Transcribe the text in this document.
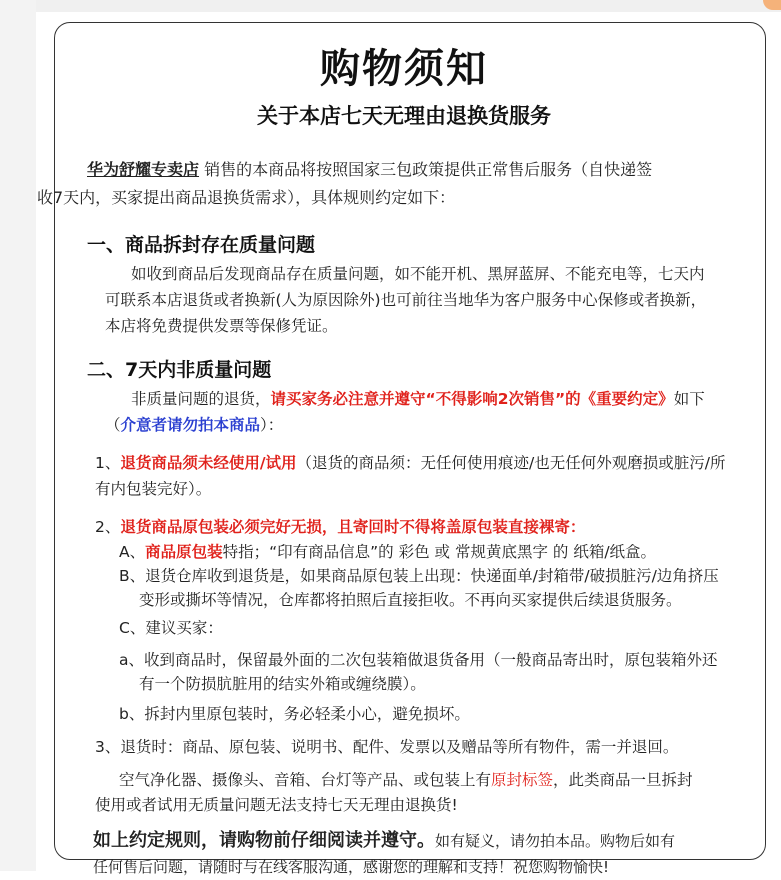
购物须知
关于本店七天无理由退换货服务

华为舒耀专卖店 销售的本商品将按照国家三包政策提供正常售后服务（自快递签

收7天内，买家提出商品退换货需求），具体规则约定如下：

一、商品拆封存在质量问题

如收到商品后发现商品存在质量问题，如不能开机、黑屏蓝屏、不能充电等，七天内

可联系本店退货或者换新(人为原因除外)也可前往当地华为客户服务中心保修或者换新，

本店将免费提供发票等保修凭证。

二、7天内非质量问题

非质量问题的退货，请买家务必注意并遵守“不得影响2次销售”的《重要约定》如下

（介意者请勿拍本商品）：

1、退货商品须未经使用/试用（退货的商品须：无任何使用痕迹/也无任何外观磨损或脏污/所

有内包装完好）。

2、退货商品原包装必须完好无损，且寄回时不得将盖原包装直接裸寄：

A、商品原包装特指；“印有商品信息”的 彩色 或 常规黄底黑字 的 纸箱/纸盒。

B、退货仓库收到退货是，如果商品原包装上出现：快递面单/封箱带/破损脏污/边角挤压

变形或撕坏等情况，仓库都将拍照后直接拒收。不再向买家提供后续退货服务。

C、建议买家：

a、收到商品时，保留最外面的二次包装箱做退货备用（一般商品寄出时，原包装箱外还

有一个防损肮脏用的结实外箱或缠绕膜）。

b、拆封内里原包装时，务必轻柔小心，避免损坏。

3、退货时：商品、原包装、说明书、配件、发票以及赠品等所有物件，需一并退回。

空气净化器、摄像头、音箱、台灯等产品、或包装上有原封标签，此类商品一旦拆封

使用或者试用无质量问题无法支持七天无理由退换货!

如上约定规则，请购物前仔细阅读并遵守。如有疑义，请勿拍本品。购物后如有

任何售后问题，请随时与在线客服沟通，感谢您的理解和支持！祝您购物愉快!
